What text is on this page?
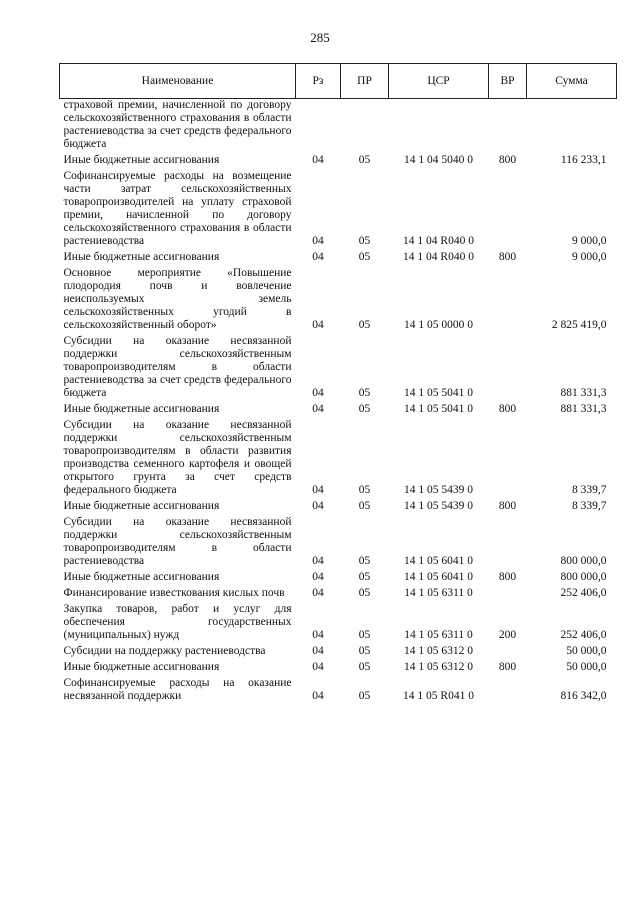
285
Наименование	Рз	ПР	ЦСР	ВР	Сумма
страховой премии, начисленной по договору сельскохозяйственного страхования в области растениеводства за счет средств федерального бюджета					
Иные бюджетные ассигнования	04	05	14 1 04 5040 0	800	116 233,1
Софинансируемые расходы на возмещение части затрат сельскохозяйственных товаропроизводителей на уплату страховой премии, начисленной по договору сельскохозяйственного страхования в области растениеводства	04	05	14 1 04 R040 0		9 000,0
Иные бюджетные ассигнования	04	05	14 1 04 R040 0	800	9 000,0
Основное мероприятие «Повышение плодородия почв и вовлечение неиспользуемых земель сельскохозяйственных угодий в сельскохозяйственный оборот»	04	05	14 1 05 0000 0		2 825 419,0
Субсидии на оказание несвязанной поддержки сельскохозяйственным товаропроизводителям в области растениеводства за счет средств федерального бюджета	04	05	14 1 05 5041 0		881 331,3
Иные бюджетные ассигнования	04	05	14 1 05 5041 0	800	881 331,3
Субсидии на оказание несвязанной поддержки сельскохозяйственным товаропроизводителям в области развития производства семенного картофеля и овощей открытого грунта за счет средств федерального бюджета	04	05	14 1 05 5439 0		8 339,7
Иные бюджетные ассигнования	04	05	14 1 05 5439 0	800	8 339,7
Субсидии на оказание несвязанной поддержки сельскохозяйственным товаропроизводителям в области растениеводства	04	05	14 1 05 6041 0		800 000,0
Иные бюджетные ассигнования	04	05	14 1 05 6041 0	800	800 000,0
Финансирование известкования кислых почв	04	05	14 1 05 6311 0		252 406,0
Закупка товаров, работ и услуг для обеспечения государственных (муниципальных) нужд	04	05	14 1 05 6311 0	200	252 406,0
Субсидии на поддержку растениеводства	04	05	14 1 05 6312 0		50 000,0
Иные бюджетные ассигнования	04	05	14 1 05 6312 0	800	50 000,0
Софинансируемые расходы на оказание несвязанной поддержки	04	05	14 1 05 R041 0		816 342,0
